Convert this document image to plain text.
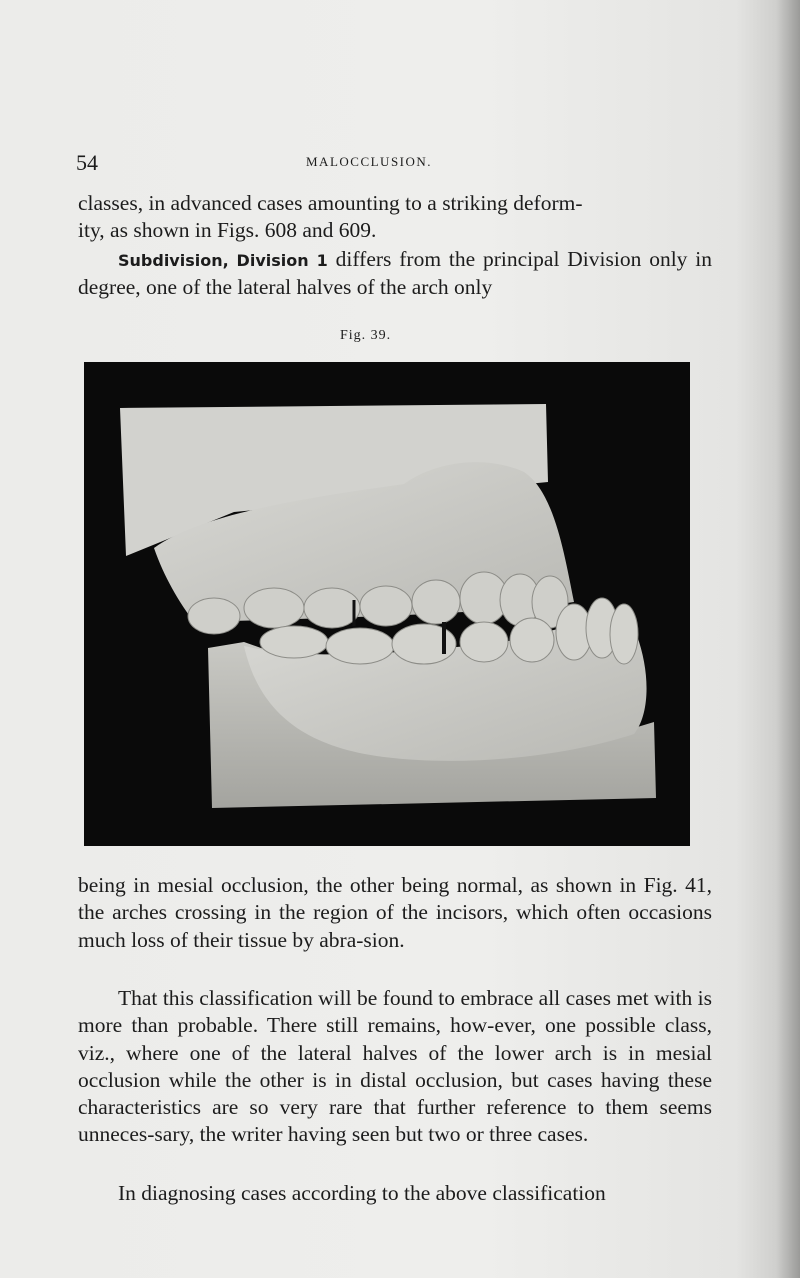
54	MALOCCLUSION.

classes, in advanced cases amounting to a striking deform-

ity, as shown in Figs. 608 and 609.

Subdivision, Division 1 differs from the principal Division only in degree, one of the lateral halves of the arch only

Fig. 39.

being in mesial occlusion, the other being normal, as shown in Fig. 41, the arches crossing in the region of the incisors, which often occasions much loss of their tissue by abra-sion.

That this classification will be found to embrace all cases met with is more than probable. There still remains, how-ever, one possible class, viz., where one of the lateral halves of the lower arch is in mesial occlusion while the other is in distal occlusion, but cases having these characteristics are so very rare that further reference to them seems unneces-sary, the writer having seen but two or three cases.

In diagnosing cases according to the above classification
